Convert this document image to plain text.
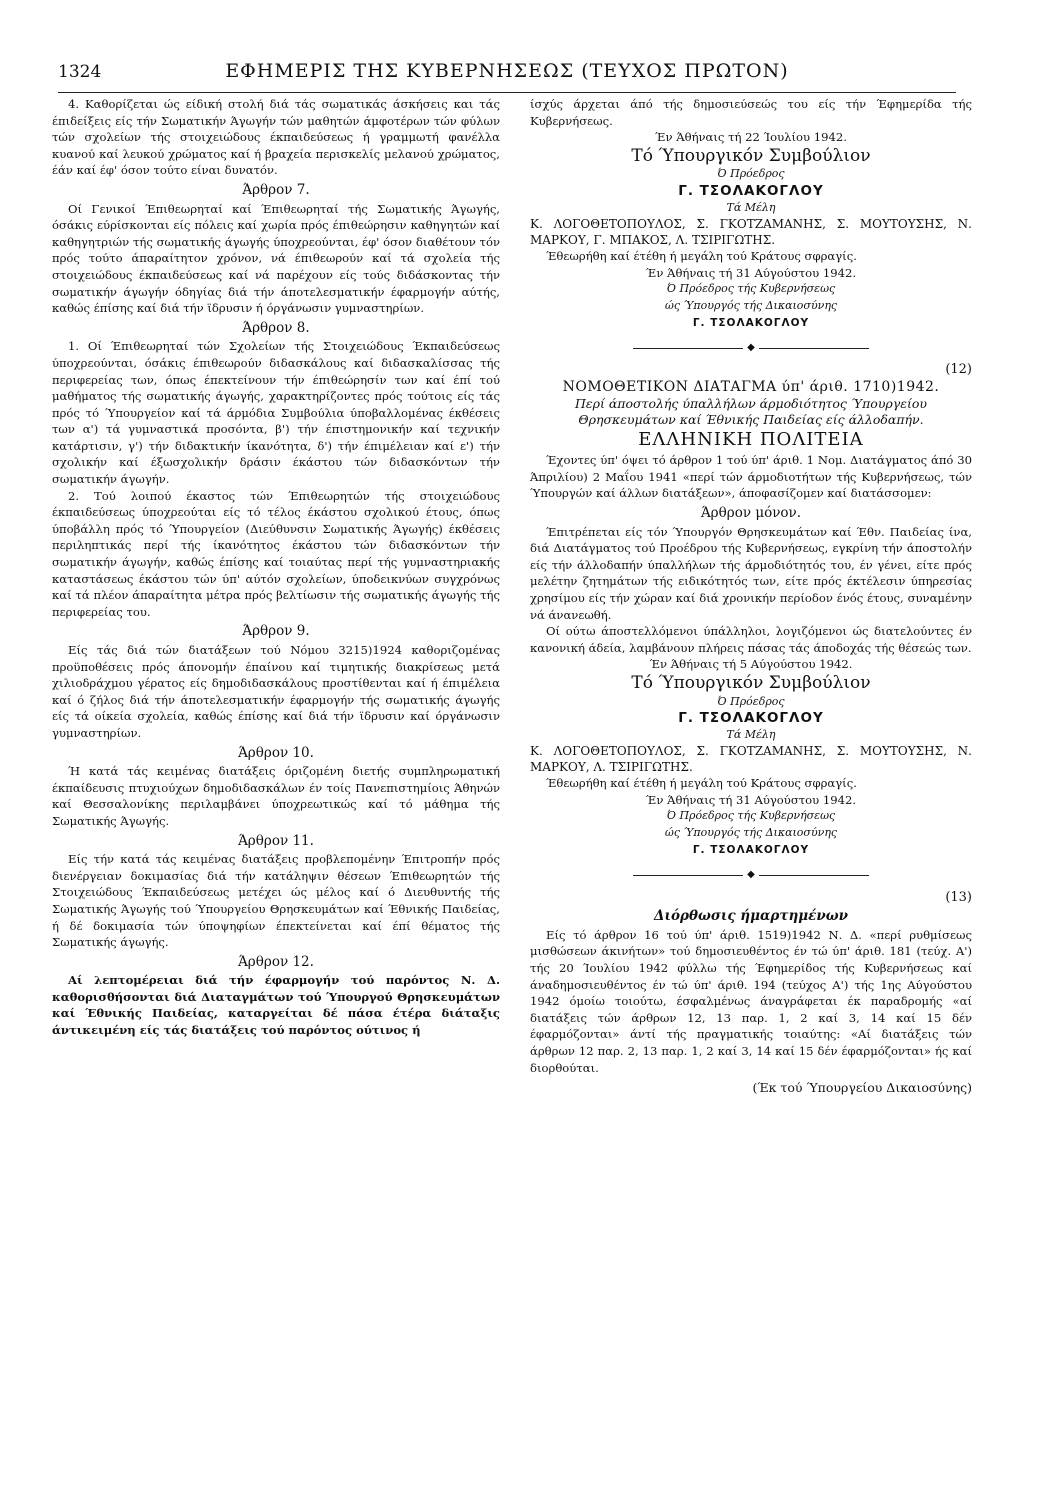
1324	ΕΦΗΜΕΡΙΣ ΤΗΣ ΚΥΒΕΡΝΗΣΕΩΣ (ΤΕΥΧΟΣ ΠΡΩΤΟΝ)

4. Καθορίζεται ώς είδική στολή διά τάς σωματικάς άσκήσεις και τάς έπιδείξεις είς τήν Σωματικήν Άγωγήν τών μαθητών άμφοτέρων τών φύλων τών σχολείων τής στοιχειώδους έκπαιδεύσεως ή γραμμωτή φανέλλα κυανού καί λευκού χρώματος καί ή βραχεία περισκελίς μελανού χρώματος, έάν καί έφ' όσον τούτο είναι δυνατόν.

Άρθρον 7.

Οί Γενικοί Έπιθεωρηταί καί Έπιθεωρηταί τής Σωματικής Άγωγής, όσάκις εύρίσκονται είς πόλεις καί χωρία πρός έπιθεώρησιν καθηγητών καί καθηγητριών τής σωματικής άγωγής ύποχρεούνται, έφ' όσον διαθέτουν τόν πρός τούτο άπαραίτητον χρόνον, νά έπιθεωρούν καί τά σχολεία τής στοιχειώδους έκπαιδεύσεως καί νά παρέχουν είς τούς διδάσκοντας τήν σωματικήν άγωγήν όδηγίας διά τήν άποτελεσματικήν έφαρμογήν αύτής, καθώς έπίσης καί διά τήν ϊδρυσιν ή όργάνωσιν γυμναστηρίων.

Άρθρον 8.

1. Οί Έπιθεωρηταί τών Σχολείων τής Στοιχειώδους Έκπαιδεύσεως ύποχρεούνται, όσάκις έπιθεωρούν διδασκάλους καί διδασκαλίσσας τής περιφερείας των, όπως έπεκτείνουν τήν έπιθεώρησίν των καί έπί τού μαθήματος τής σωματικής άγωγής, χαρακτηρίζοντες πρός τούτοις είς τάς πρός τό Ύπουργείον καί τά άρμόδια Συμβούλια ύποβαλλομένας έκθέσεις των α') τά γυμναστικά προσόντα, β') τήν έπιστημονικήν καί τεχνικήν κατάρτισιν, γ') τήν διδακτικήν ίκανότητα, δ') τήν έπιμέλειαν καί ε') τήν σχολικήν καί έξωσχολικήν δράσιν έκάστου τών διδασκόντων τήν σωματικήν άγωγήν.

2. Τού λοιπού έκαστος τών Έπιθεωρητών τής στοιχειώδους έκπαιδεύσεως ύποχρεούται είς τό τέλος έκάστου σχολικού έτους, όπως ύποβάλλη πρός τό Ύπουργείον (Διεύθυνσιν Σωματικής Άγωγής) έκθέσεις περιληπτικάς περί τής ίκανότητος έκάστου τών διδασκόντων τήν σωματικήν άγωγήν, καθώς έπίσης καί τοιαύτας περί τής γυμναστηριακής καταστάσεως έκάστου τών ύπ' αύτόν σχολείων, ύποδεικνύων συγχρόνως καί τά πλέον άπαραίτητα μέτρα πρός βελτίωσιν τής σωματικής άγωγής τής περιφερείας του.

Άρθρον 9.

Είς τάς διά τών διατάξεων τού Νόμου 3215)1924 καθοριζομένας προϋποθέσεις πρός άπονομήν έπαίνου καί τιμητικής διακρίσεως μετά χιλιοδράχμου γέρατος είς δημοδιδασκάλους προστίθενται καί ή έπιμέλεια καί ό ζήλος διά τήν άποτελεσματικήν έφαρμογήν τής σωματικής άγωγής είς τά οίκεία σχολεία, καθώς έπίσης καί διά τήν ϊδρυσιν καί όργάνωσιν γυμναστηρίων.

Άρθρον 10.

Ή κατά τάς κειμένας διατάξεις όριζομένη διετής συμπληρωματική έκπαίδευσις πτυχιούχων δημοδιδασκάλων έν τοίς Πανεπιστημίοις Άθηνών καί Θεσσαλονίκης περιλαμβάνει ύποχρεωτικώς καί τό μάθημα τής Σωματικής Άγωγής.

Άρθρον 11.

Είς τήν κατά τάς κειμένας διατάξεις προβλεπομένην Έπιτροπήν πρός διενέργειαν δοκιμασίας διά τήν κατάληψιν θέσεων Έπιθεωρητών τής Στοιχειώδους Έκπαιδεύσεως μετέχει ώς μέλος καί ό Διευθυντής τής Σωματικής Άγωγής τού Ύπουργείου Θρησκευμάτων καί Έθνικής Παιδείας, ή δέ δοκιμασία τών ύποψηφίων έπεκτείνεται καί έπί θέματος τής Σωματικής άγωγής.

Άρθρον 12.

Αί λεπτομέρειαι διά τήν έφαρμογήν τού παρόντος Ν. Δ. καθορισθήσονται διά Διαταγμάτων τού Ύπουργού Θρησκευμάτων καί Έθνικής Παιδείας, καταργείται δέ πάσα έτέρα διάταξις άντικειμένη είς τάς διατάξεις τού παρόντος ούτινος ή

ίσχύς άρχεται άπό τής δημοσιεύσεώς του είς τήν Έφημερίδα τής Κυβερνήσεως.

Έν Άθήναις τή 22 Ίουλίου 1942.
Τό Ύπουργικόν Συμβούλιον
Ό Πρόεδρος
Γ. ΤΣΟΛΑΚΟΓΛΟΥ
Τά Μέλη

Κ. ΛΟΓΟΘΕΤΟΠΟΥΛΟΣ, Σ. ΓΚΟΤΖΑΜΑΝΗΣ, Σ. ΜΟΥΤΟΥΣΗΣ, Ν. ΜΑΡΚΟΥ, Γ. ΜΠΑΚΟΣ, Λ. ΤΣΙΡΙΓΩΤΗΣ.

Έθεωρήθη καί έτέθη ή μεγάλη τού Κράτους σφραγίς.

Έν Άθήναις τή 31 Αύγούστου 1942.
Ό Πρόεδρος τής Κυβερνήσεως
ώς Ύπουργός τής Δικαιοσύνης
Γ. ΤΣΟΛΑΚΟΓΛΟΥ
◆
(12)
ΝΟΜΟΘΕΤΙΚΟΝ ΔΙΑΤΑΓΜΑ ύπ' άριθ. 1710)1942.
Περί άποστολής ύπαλλήλων άρμοδιότητος Ύπουργείου Θρησκευμάτων καί Έθνικής Παιδείας είς άλλοδαπήν.
ΕΛΛΗΝΙΚΗ ΠΟΛΙΤΕΙΑ

Έχοντες ύπ' όψει τό άρθρον 1 τού ύπ' άριθ. 1 Νομ. Διατάγματος άπό 30 Άπριλίου) 2 Μαΐου 1941 «περί τών άρμοδιοτήτων τής Κυβερνήσεως, τών Ύπουργών καί άλλων διατάξεων», άποφασίζομεν καί διατάσσομεν:

Άρθρον μόνον.

Έπιτρέπεται είς τόν Ύπουργόν Θρησκευμάτων καί Έθν. Παιδείας ίνα, διά Διατάγματος τού Προέδρου τής Κυβερνήσεως, εγκρίνη τήν άποστολήν είς τήν άλλοδαπήν ύπαλλήλων τής άρμοδιότητός του, έν γένει, είτε πρός μελέτην ζητημάτων τής ειδικότητός των, είτε πρός έκτέλεσιν ύπηρεσίας χρησίμου είς τήν χώραν καί διά χρονικήν περίοδον ένός έτους, συναμένην νά άνανεωθή.

Οί ούτω άποστελλόμενοι ύπάλληλοι, λογιζόμενοι ώς διατελούντες έν κανονική άδεία, λαμβάνουν πλήρεις πάσας τάς άποδοχάς τής θέσεώς των.

Έν Άθήναις τή 5 Αύγούστου 1942.
Τό Ύπουργικόν Συμβούλιον
Ό Πρόεδρος
Γ. ΤΣΟΛΑΚΟΓΛΟΥ
Τά Μέλη

Κ. ΛΟΓΟΘΕΤΟΠΟΥΛΟΣ, Σ. ΓΚΟΤΖΑΜΑΝΗΣ, Σ. ΜΟΥΤΟΥΣΗΣ, Ν. ΜΑΡΚΟΥ, Λ. ΤΣΙΡΙΓΩΤΗΣ.

Έθεωρήθη καί έτέθη ή μεγάλη τού Κράτους σφραγίς.

Έν Άθήναις τή 31 Αύγούστου 1942.
Ό Πρόεδρος τής Κυβερνήσεως
ώς Ύπουργός τής Δικαιοσύνης
Γ. ΤΣΟΛΑΚΟΓΛΟΥ
◆
(13)
Διόρθωσις ήμαρτημένων

Είς τό άρθρον 16 τού ύπ' άριθ. 1519)1942 Ν. Δ. «περί ρυθμίσεως μισθώσεων άκινήτων» τού δημοσιευθέντος έν τώ ύπ' άριθ. 181 (τεύχ. Α') τής 20 Ίουλίου 1942 φύλλω τής Έφημερίδος τής Κυβερνήσεως καί άναδημοσιευθέντος έν τώ ύπ' άριθ. 194 (τεύχος Α') τής 1ης Αύγούστου 1942 όμοίω τοιούτω, έσφαλμένως άναγράφεται έκ παραδρομής «αί διατάξεις τών άρθρων 12, 13 παρ. 1, 2 καί 3, 14 καί 15 δέν έφαρμόζονται» άντί τής πραγματικής τοιαύτης: «Αί διατάξεις τών άρθρων 12 παρ. 2, 13 παρ. 1, 2 καί 3, 14 καί 15 δέν έφαρμόζονται» ής καί διορθούται.

(Έκ τού Ύπουργείου Δικαιοσύνης)
